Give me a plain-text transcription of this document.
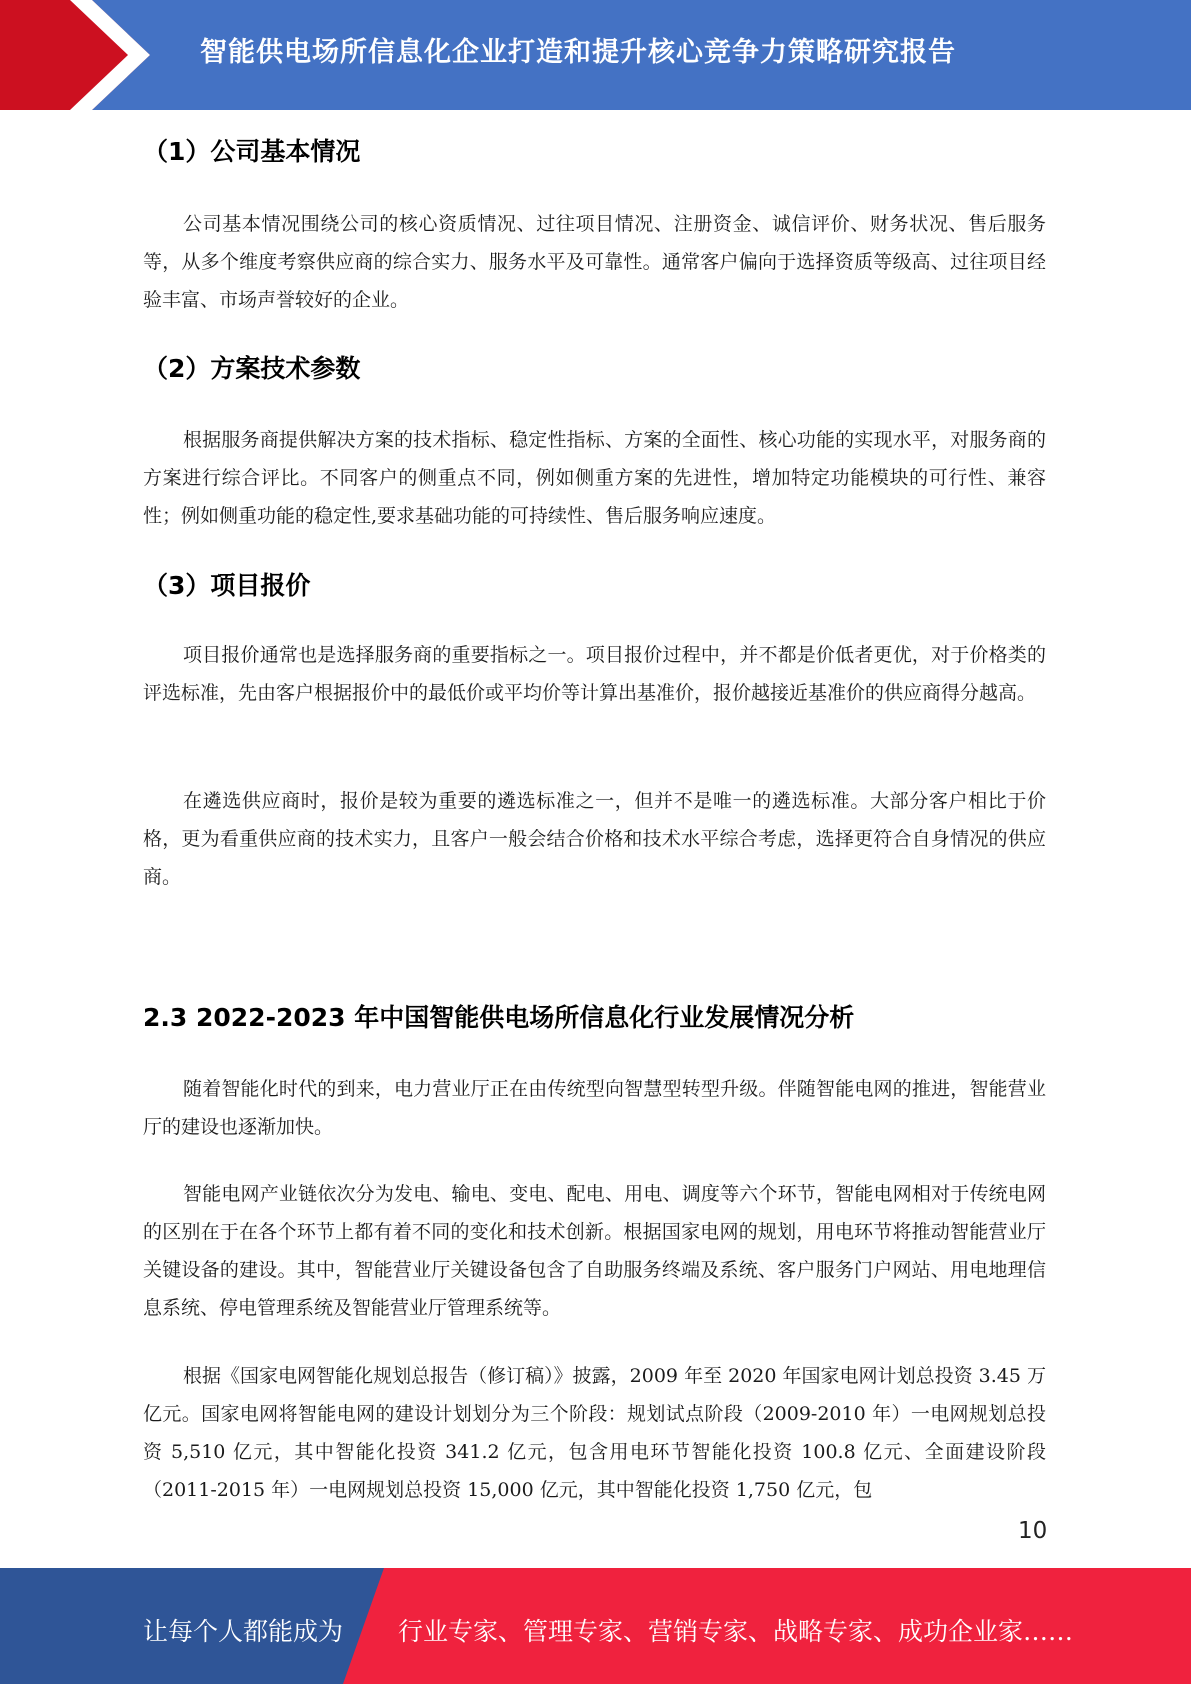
智能供电场所信息化企业打造和提升核心竞争力策略研究报告
（1）公司基本情况

公司基本情况围绕公司的核心资质情况、过往项目情况、注册资金、诚信评价、财务状况、售后服务等，从多个维度考察供应商的综合实力、服务水平及可靠性。通常客户偏向于选择资质等级高、过往项目经验丰富、市场声誉较好的企业。

（2）方案技术参数

根据服务商提供解决方案的技术指标、稳定性指标、方案的全面性、核心功能的实现水平，对服务商的方案进行综合评比。不同客户的侧重点不同，例如侧重方案的先进性，增加特定功能模块的可行性、兼容性；例如侧重功能的稳定性,要求基础功能的可持续性、售后服务响应速度。

（3）项目报价

项目报价通常也是选择服务商的重要指标之一。项目报价过程中，并不都是价低者更优，对于价格类的评选标准，先由客户根据报价中的最低价或平均价等计算出基准价，报价越接近基准价的供应商得分越高。

在遴选供应商时，报价是较为重要的遴选标准之一，但并不是唯一的遴选标准。大部分客户相比于价格，更为看重供应商的技术实力，且客户一般会结合价格和技术水平综合考虑，选择更符合自身情况的供应商。

2.3 2022-2023 年中国智能供电场所信息化行业发展情况分析

随着智能化时代的到来，电力营业厅正在由传统型向智慧型转型升级。伴随智能电网的推进，智能营业厅的建设也逐渐加快。

智能电网产业链依次分为发电、输电、变电、配电、用电、调度等六个环节，智能电网相对于传统电网的区别在于在各个环节上都有着不同的变化和技术创新。根据国家电网的规划，用电环节将推动智能营业厅关键设备的建设。其中，智能营业厅关键设备包含了自助服务终端及系统、客户服务门户网站、用电地理信息系统、停电管理系统及智能营业厅管理系统等。

根据《国家电网智能化规划总报告（修订稿）》披露，2009 年至 2020 年国家电网计划总投资 3.45 万亿元。国家电网将智能电网的建设计划划分为三个阶段：规划试点阶段（2009-2010 年）一电网规划总投资 5,510 亿元，其中智能化投资 341.2 亿元，包含用电环节智能化投资 100.8 亿元、全面建设阶段（2011-2015 年）一电网规划总投资 15,000 亿元，其中智能化投资 1,750 亿元，包

10
让每个人都能成为 行业专家、管理专家、营销专家、战略专家、成功企业家……
